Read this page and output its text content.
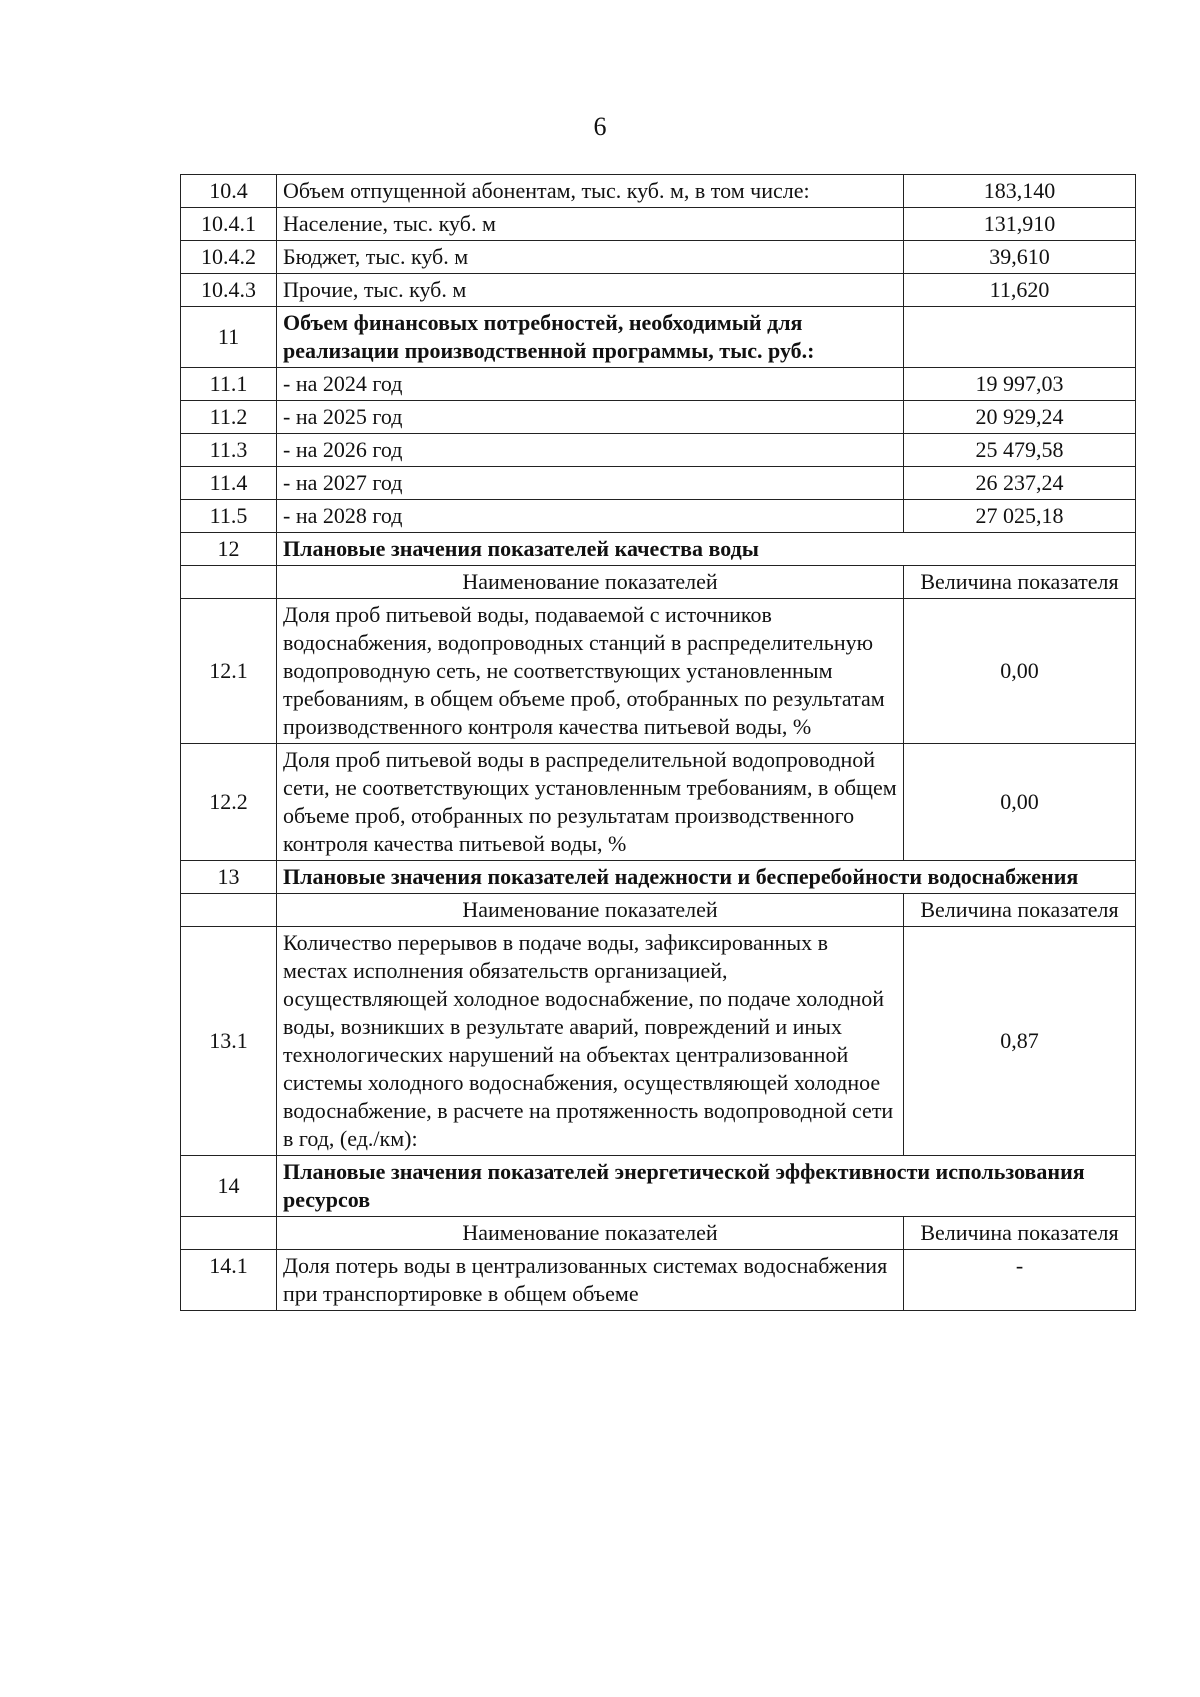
6
10.4	Объем отпущенной абонентам, тыс. куб. м, в том числе:	183,140
10.4.1	Население, тыс. куб. м	131,910
10.4.2	Бюджет, тыс. куб. м	39,610
10.4.3	Прочие, тыс. куб. м	11,620
11	Объем финансовых потребностей, необходимый для реализации производственной программы, тыс. руб.:	
11.1	- на 2024 год	19 997,03
11.2	- на 2025 год	20 929,24
11.3	- на 2026 год	25 479,58
11.4	- на 2027 год	26 237,24
11.5	- на 2028 год	27 025,18
12	Плановые значения показателей качества воды	
	Наименование показателей	Величина показателя
12.1	Доля проб питьевой воды, подаваемой с источников водоснабжения, водопроводных станций в распределительную водопроводную сеть, не соответствующих установленным требованиям, в общем объеме проб, отобранных по результатам производственного контроля качества питьевой воды, %	0,00
12.2	Доля проб питьевой воды в распределительной водопроводной сети, не соответствующих установленным требованиям, в общем объеме проб, отобранных по результатам производственного контроля качества питьевой воды, %	0,00
13	Плановые значения показателей надежности и бесперебойности водоснабжения	
	Наименование показателей	Величина показателя
13.1	Количество перерывов в подаче воды, зафиксированных в местах исполнения обязательств организацией, осуществляющей холодное водоснабжение, по подаче холодной воды, возникших в результате аварий, повреждений и иных технологических нарушений на объектах централизованной системы холодного водоснабжения, осуществляющей холодное водоснабжение, в расчете на протяженность водопроводной сети в год, (ед./км):	0,87
14	Плановые значения показателей энергетической эффективности использования ресурсов	
	Наименование показателей	Величина показателя
14.1	Доля потерь воды в централизованных системах водоснабжения при транспортировке в общем объеме	-
